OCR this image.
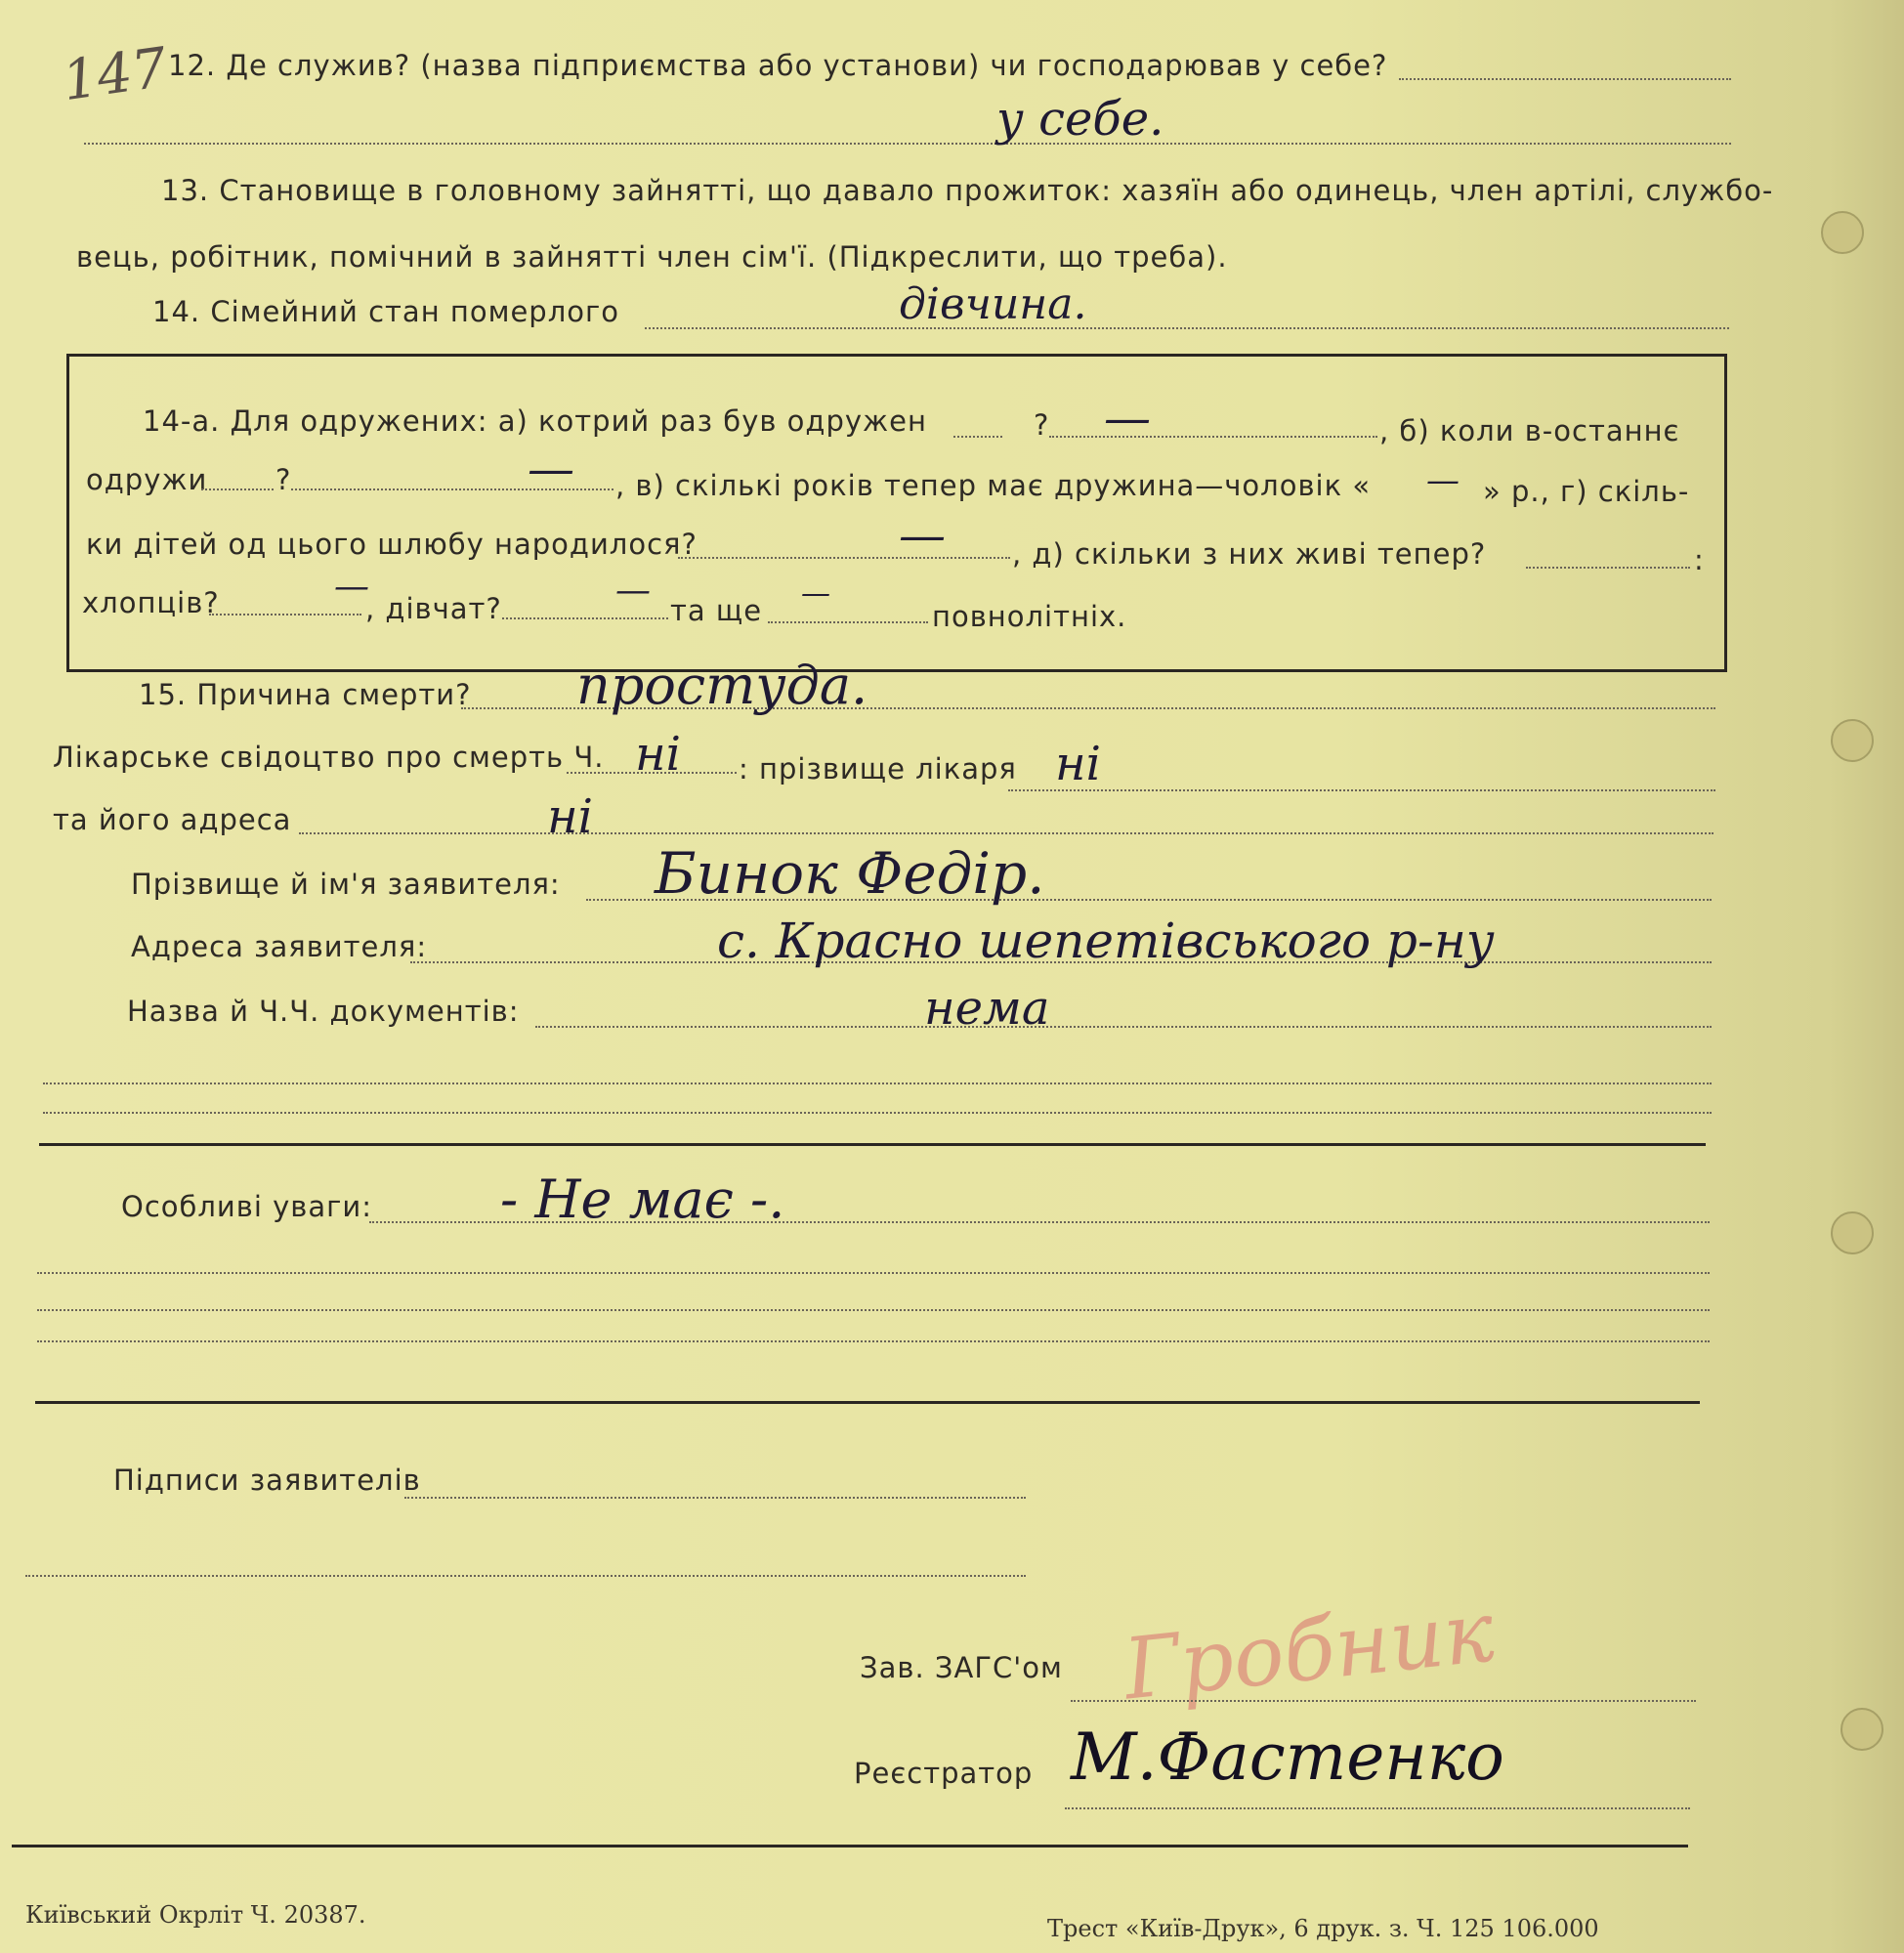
147
12. Де служив? (назва підприємства або установи) чи господарював у себе?
у себе.
13. Становище в головному зайнятті, що давало прожиток: хазяїн або одинець, член артілі, службо-
вець, робітник, помічний в зайнятті член сім'ї. (Підкреслити, що треба).
14. Сімейний стан померлого	дівчина.
14-а. Для одружених: а) котрий раз був одружен	? —	, б) коли в-останнє
одружи ?	— , в) скількі років тепер має дружина—чоловік « — » р., г) скіль-
ки дітей од цього шлюбу народилося?	— , д) скільки з них живі тепер?	:
хлопців?	—
, дівчат?	— та ще —
повнолітніх.
15. Причина смерти? простуда.
Лікарське свідоцтво про смерть Ч. ні : прізвище лікаря ні
та його адреса	ні
Прізвище й ім'я заявителя: Бинок Федір.
Адреса заявителя:	с. Красно шепетівського р-ну
Назва й Ч.Ч. документів:	нема
Особливі уваги: - Не має -.
Підписи заявителів
Гробник
Зав. ЗАГС'ом
Реєстратор М.Фастенко
Київський Окрліт Ч. 20387.	Трест «Київ-Друк», 6 друк. з. Ч. 125 106.000
